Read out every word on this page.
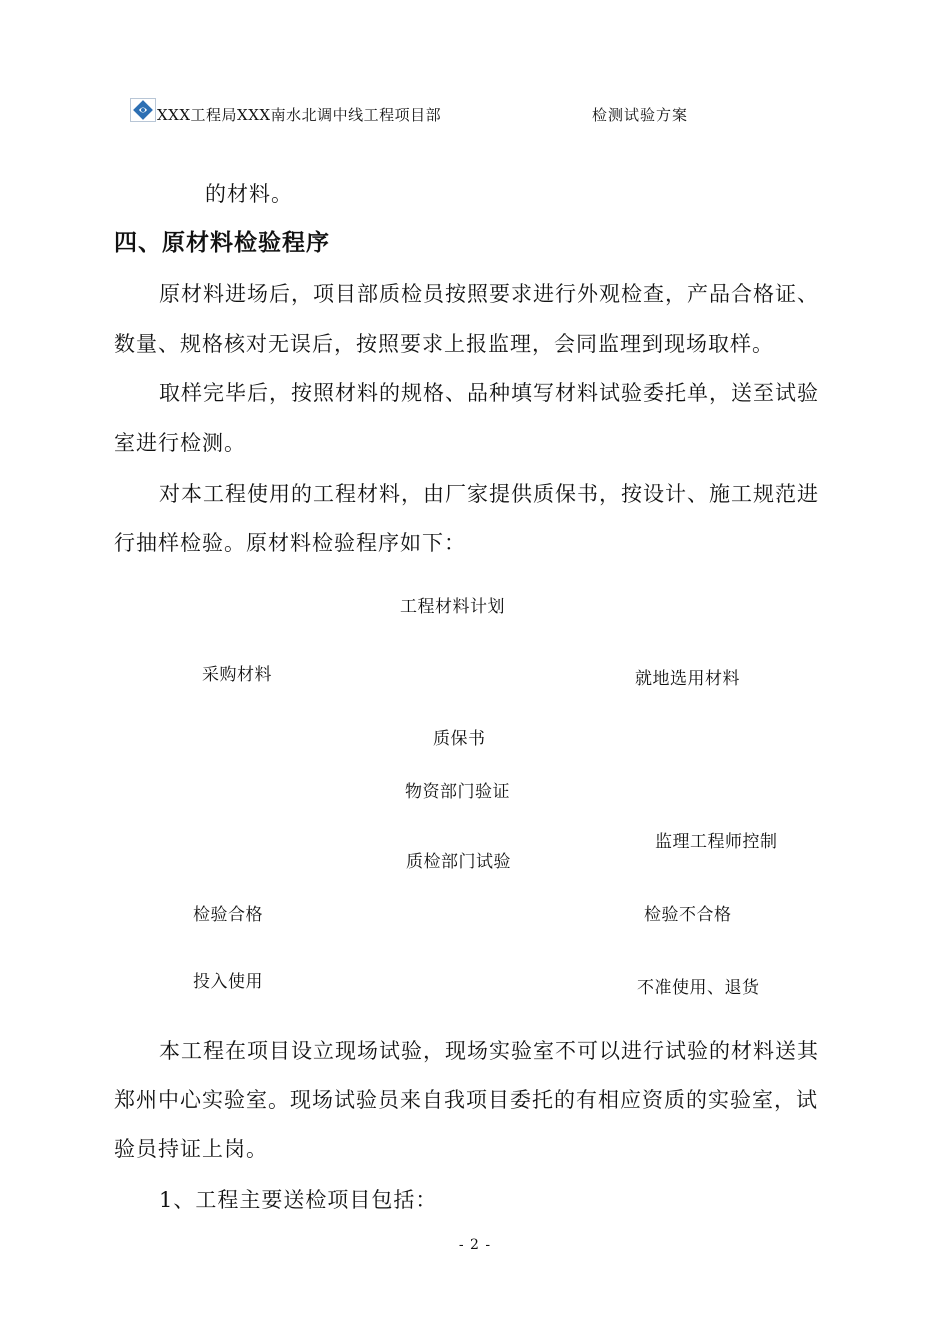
XXX工程局XXX南水北调中线工程项目部	检测试验方案
的材料。
四、原材料检验程序
原材料进场后，项目部质检员按照要求进行外观检查，产品合格证、
数量、规格核对无误后，按照要求上报监理，会同监理到现场取样。
取样完毕后，按照材料的规格、品种填写材料试验委托单，送至试验
室进行检测。
对本工程使用的工程材料，由厂家提供质保书，按设计、施工规范进
行抽样检验。原材料检验程序如下：
工程材料计划
采购材料	就地选用材料
质保书
物资部门验证
监理工程师控制
质检部门试验
检验合格	检验不合格
投入使用	不准使用、退货
本工程在项目设立现场试验，现场实验室不可以进行试验的材料送其
郑州中心实验室。现场试验员来自我项目委托的有相应资质的实验室，试
验员持证上岗。
1、工程主要送检项目包括：
- 2 -
